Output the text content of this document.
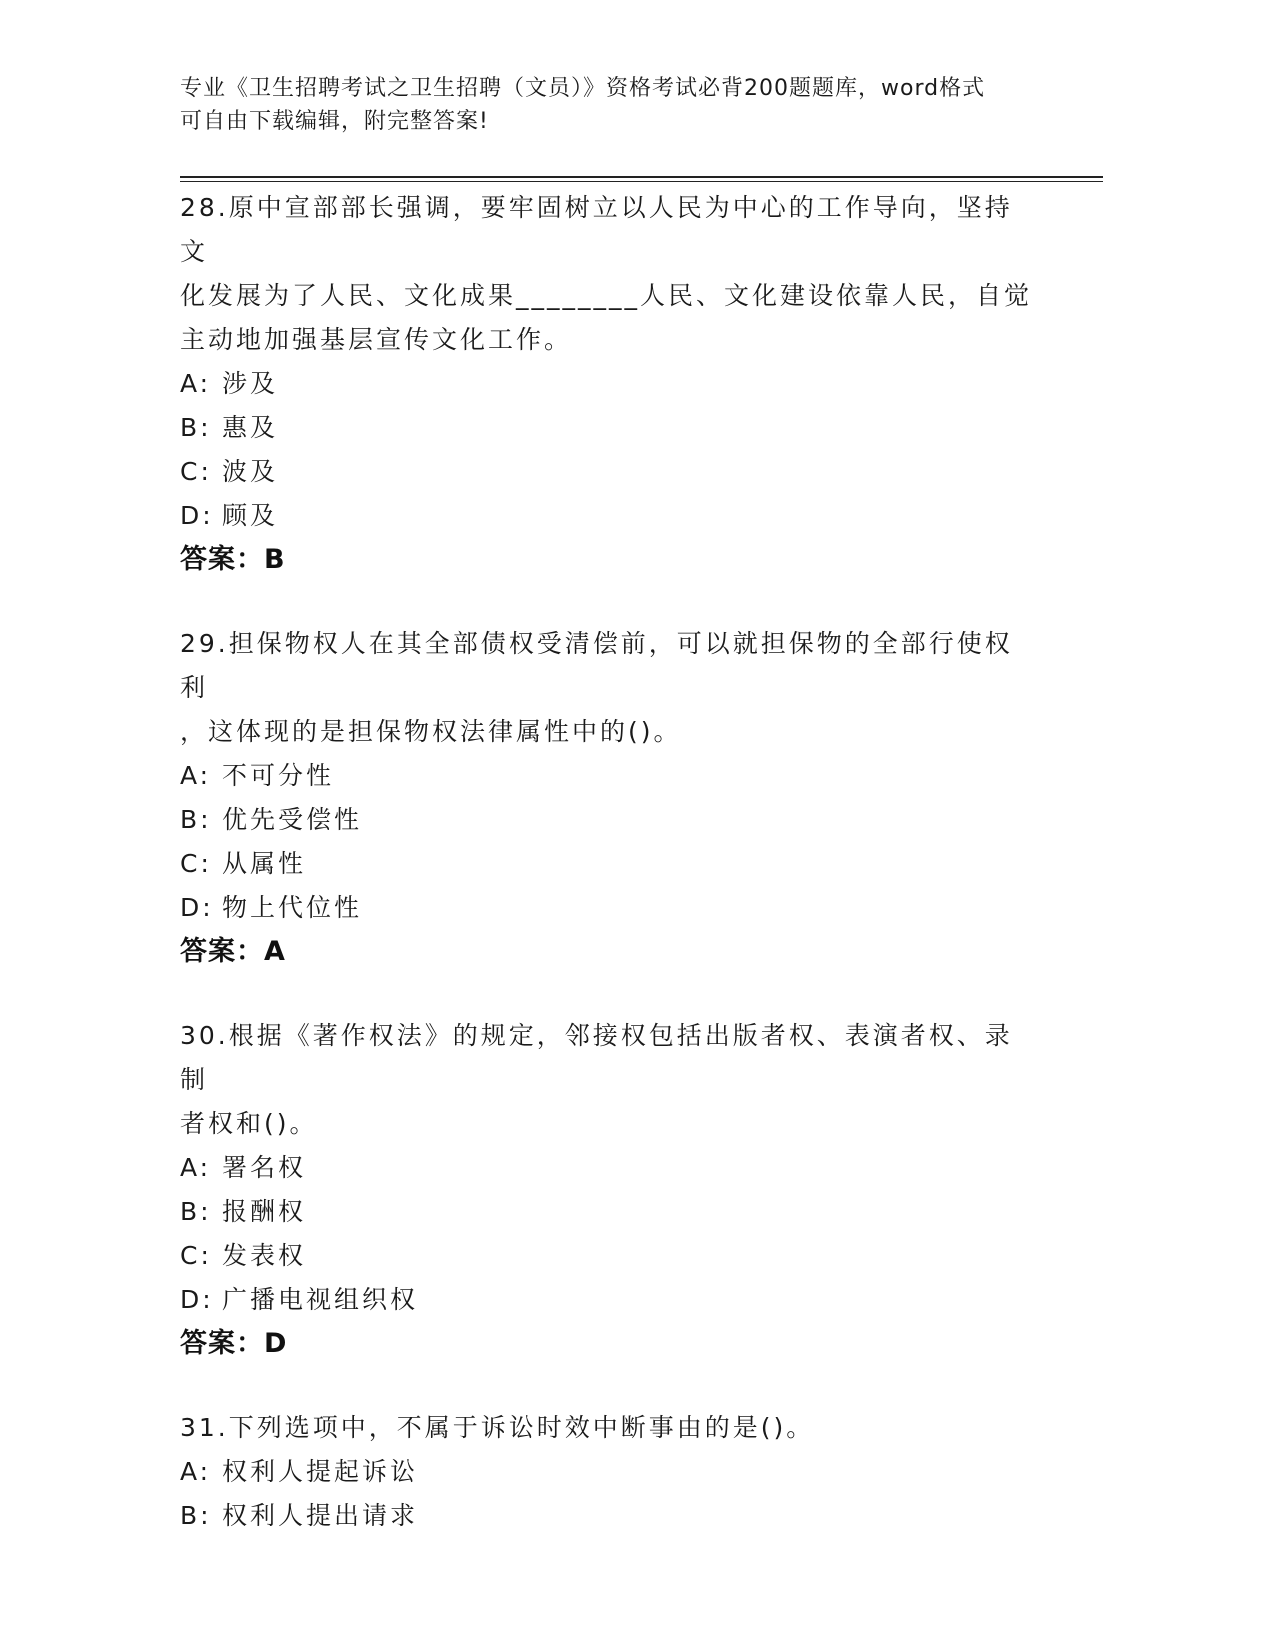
专业《卫生招聘考试之卫生招聘（文员）》资格考试必背200题题库，word格式
可自由下载编辑，附完整答案!
28.原中宣部部长强调，要牢固树立以人民为中心的工作导向，坚持文
化发展为了人民、文化成果________人民、文化建设依靠人民，自觉
主动地加强基层宣传文化工作。
A: 涉及
B: 惠及
C: 波及
D: 顾及
答案：B
29.担保物权人在其全部债权受清偿前，可以就担保物的全部行使权利
，这体现的是担保物权法律属性中的()。
A: 不可分性
B: 优先受偿性
C: 从属性
D: 物上代位性
答案：A
30.根据《著作权法》的规定，邻接权包括出版者权、表演者权、录制
者权和()。
A: 署名权
B: 报酬权
C: 发表权
D: 广播电视组织权
答案：D
31.下列选项中，不属于诉讼时效中断事由的是()。
A: 权利人提起诉讼
B: 权利人提出请求
